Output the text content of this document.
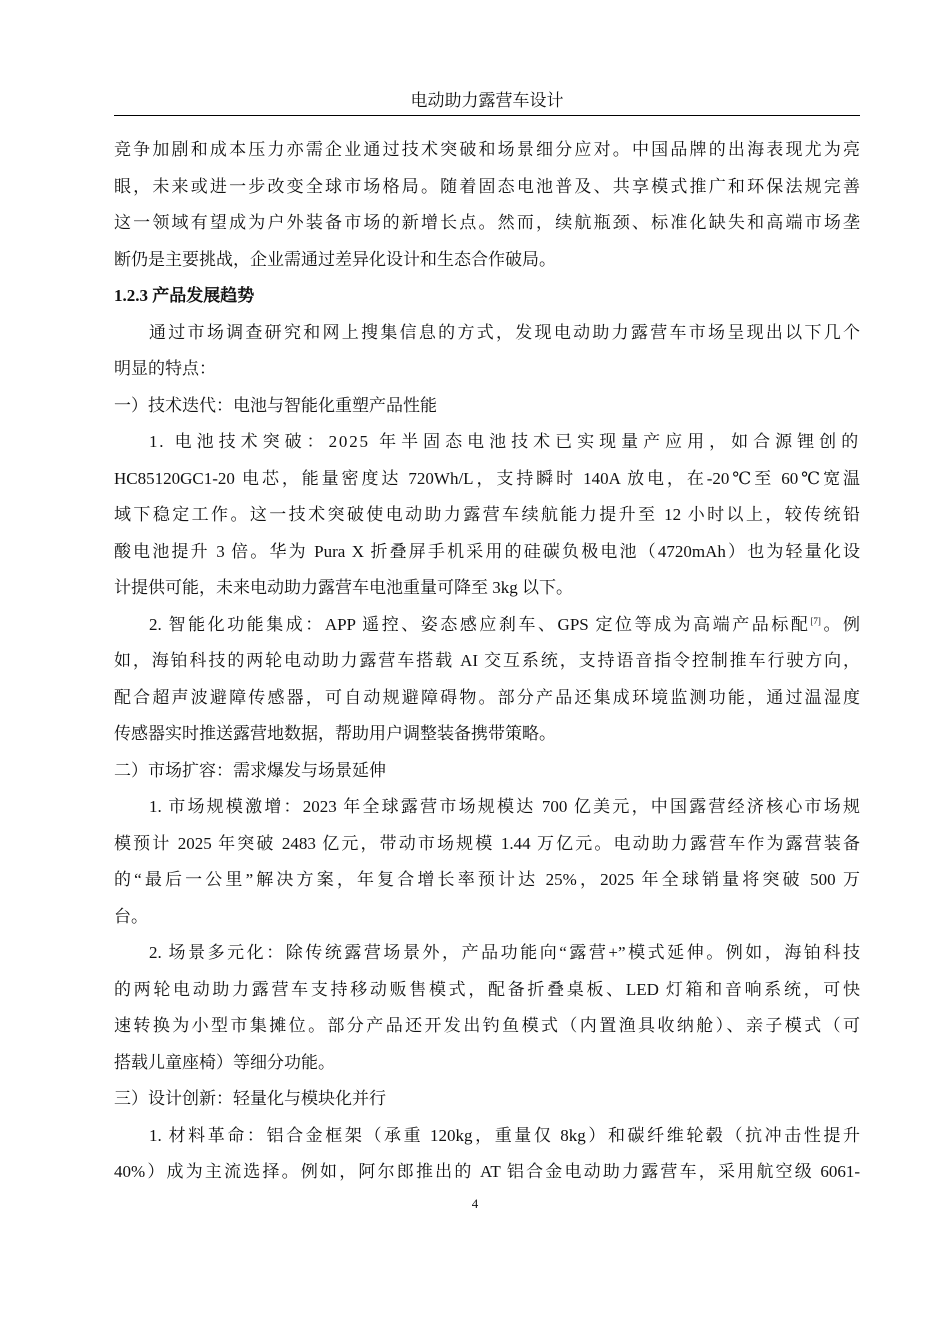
电动助力露营车设计
竞争加剧和成本压力亦需企业通过技术突破和场景细分应对。中国品牌的出海表现尤为亮
眼，未来或进一步改变全球市场格局。随着固态电池普及、共享模式推广和环保法规完善
这一领域有望成为户外装备市场的新增长点。然而，续航瓶颈、标准化缺失和高端市场垄
断仍是主要挑战，企业需通过差异化设计和生态合作破局。
1.2.3 产品发展趋势
通过市场调查研究和网上搜集信息的方式，发现电动助力露营车市场呈现出以下几个
明显的特点：
一）技术迭代：电池与智能化重塑产品性能
1. 电池技术突破：2025 年半固态电池技术已实现量产应用，如合源锂创的
HC85120GC1-20 电芯，能量密度达 720Wh/L，支持瞬时 140A 放电，在-20℃至 60℃宽温
域下稳定工作。这一技术突破使电动助力露营车续航能力提升至 12 小时以上，较传统铅
酸电池提升 3 倍。华为 Pura X 折叠屏手机采用的硅碳负极电池（4720mAh）也为轻量化设
计提供可能，未来电动助力露营车电池重量可降至 3kg 以下。
2. 智能化功能集成：APP 遥控、姿态感应刹车、GPS 定位等成为高端产品标配[7]。例
如，海铂科技的两轮电动助力露营车搭载 AI 交互系统，支持语音指令控制推车行驶方向，
配合超声波避障传感器，可自动规避障碍物。部分产品还集成环境监测功能，通过温湿度
传感器实时推送露营地数据，帮助用户调整装备携带策略。
二）市场扩容：需求爆发与场景延伸
1. 市场规模激增：2023 年全球露营市场规模达 700 亿美元，中国露营经济核心市场规
模预计 2025 年突破 2483 亿元，带动市场规模 1.44 万亿元。电动助力露营车作为露营装备
的“最后一公里”解决方案，年复合增长率预计达 25%，2025 年全球销量将突破 500 万
台。
2. 场景多元化：除传统露营场景外，产品功能向“露营+”模式延伸。例如，海铂科技
的两轮电动助力露营车支持移动贩售模式，配备折叠桌板、LED 灯箱和音响系统，可快
速转换为小型市集摊位。部分产品还开发出钓鱼模式（内置渔具收纳舱）、亲子模式（可
搭载儿童座椅）等细分功能。
三）设计创新：轻量化与模块化并行
1. 材料革命：铝合金框架（承重 120kg，重量仅 8kg）和碳纤维轮毂（抗冲击性提升
40%）成为主流选择。例如，阿尔郎推出的 AT 铝合金电动助力露营车，采用航空级 6061-
4
